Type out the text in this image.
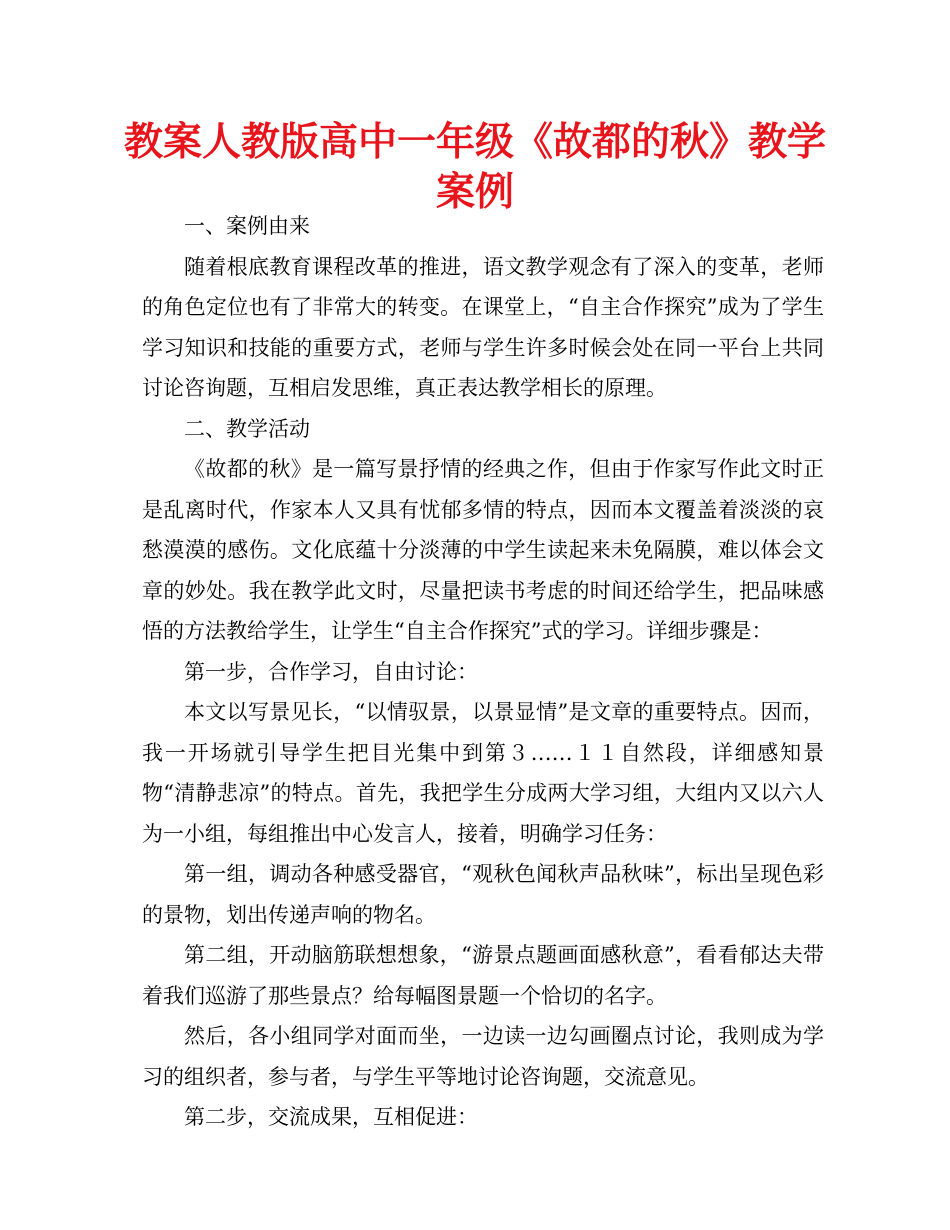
教案人教版高中一年级《故都的秋》教学
案例

一、案例由来

随着根底教育课程改革的推进，语文教学观念有了深入的变革，老师的角色定位也有了非常大的转变。在课堂上，“自主合作探究”成为了学生学习知识和技能的重要方式，老师与学生许多时候会处在同一平台上共同讨论咨询题，互相启发思维，真正表达教学相长的原理。

二、教学活动

《故都的秋》是一篇写景抒情的经典之作，但由于作家写作此文时正是乱离时代，作家本人又具有忧郁多情的特点，因而本文覆盖着淡淡的哀愁漠漠的感伤。文化底蕴十分淡薄的中学生读起来未免隔膜，难以体会文章的妙处。我在教学此文时，尽量把读书考虑的时间还给学生，把品味感悟的方法教给学生，让学生“自主合作探究”式的学习。详细步骤是：

第一步，合作学习，自由讨论：

本文以写景见长，“以情驭景，以景显情”是文章的重要特点。因而，我一开场就引导学生把目光集中到第３……１１自然段，详细感知景物“清静悲凉”的特点。首先，我把学生分成两大学习组，大组内又以六人为一小组，每组推出中心发言人，接着，明确学习任务：

第一组，调动各种感受器官，“观秋色闻秋声品秋味”，标出呈现色彩的景物，划出传递声响的物名。

第二组，开动脑筋联想想象，“游景点题画面感秋意”，看看郁达夫带着我们巡游了那些景点？给每幅图景题一个恰切的名字。

然后，各小组同学对面而坐，一边读一边勾画圈点讨论，我则成为学习的组织者，参与者，与学生平等地讨论咨询题，交流意见。

第二步，交流成果，互相促进：
